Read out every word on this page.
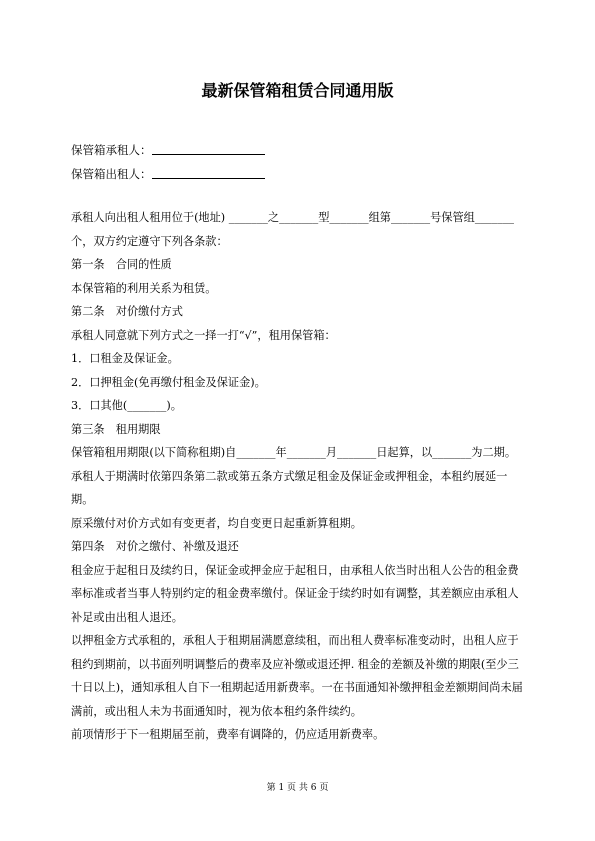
最新保管箱租赁合同通用版
保管箱承租人：
保管箱出租人：

承租人向出租人租用位于(地址) _______之_______型_______组第_______号保管组_______个，双方约定遵守下列各条款：

第一条　合同的性质

本保管箱的利用关系为租赁。

第二条　对价缴付方式

承租人同意就下列方式之一择一打“√”，租用保管箱：

1．口租金及保证金。

2．口押租金(免再缴付租金及保证金)。

3．口其他(_______)。

第三条　租用期限

保管箱租用期限(以下简称租期)自_______年_______月_______日起算，以_______为二期。

承租人于期满时依第四条第二款或第五条方式缴足租金及保证金或押租金，本租约展延一期。

原采缴付对价方式如有变更者，均自变更日起重新算租期。

第四条　对价之缴付、补缴及退还

租金应于起租日及续约日，保证金或押金应于起租日，由承租人依当时出租人公告的租金费率标准或者当事人特别约定的租金费率缴付。保证金于续约时如有调整，其差额应由承租人补足或由出租人退还。

以押租金方式承租的，承租人于租期届满愿意续租，而出租人费率标准变动时，出租人应于租约到期前，以书面列明调整后的费率及应补缴或退还押. 租金的差额及补缴的期限(至少三十日以上)，通知承租人自下一租期起适用新费率。一在书面通知补缴押租金差额期间尚未届满前，或出租人未为书面通知时，视为依本租约条件续约。

前项情形于下一租期届至前，费率有调降的，仍应适用新费率。

第 1 页 共 6 页
